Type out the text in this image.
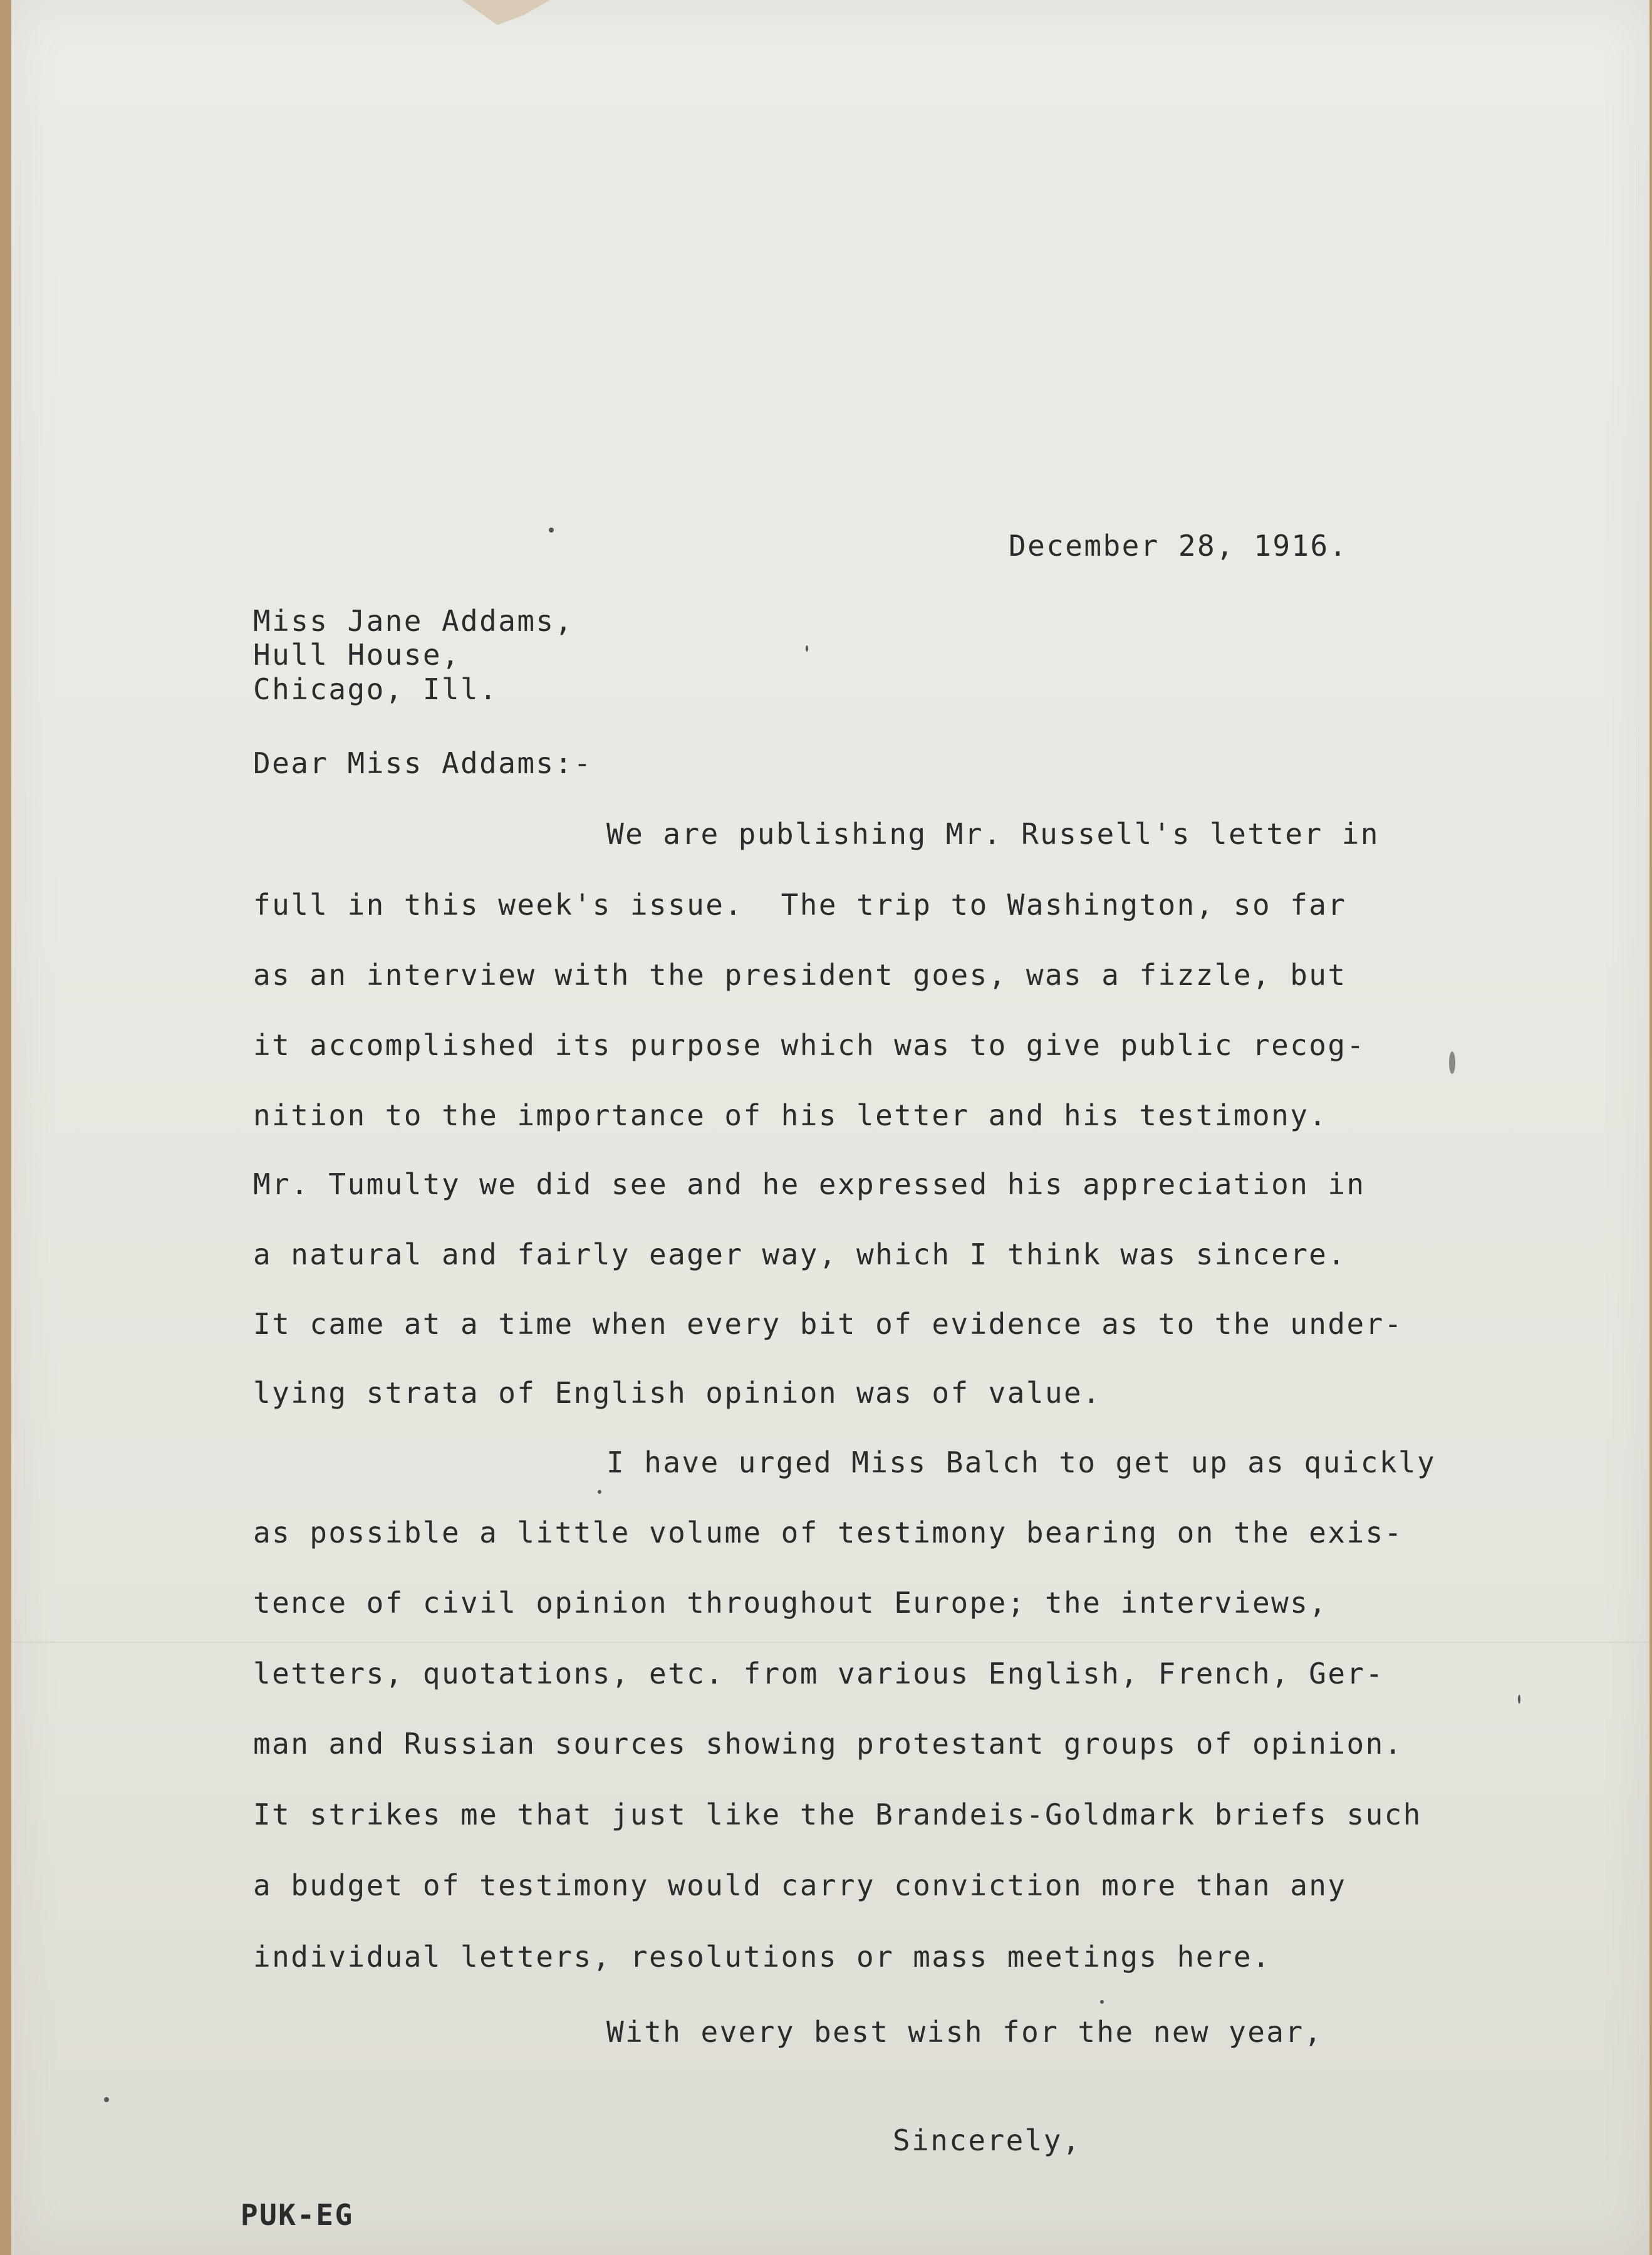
December 28, 1916.
Miss Jane Addams,
Hull House,
Chicago, Ill.
Dear Miss Addams:-
We are publishing Mr. Russell's letter in
full in this week's issue.  The trip to Washington, so far
as an interview with the president goes, was a fizzle, but
it accomplished its purpose which was to give public recog-
nition to the importance of his letter and his testimony.
Mr. Tumulty we did see and he expressed his appreciation in
a natural and fairly eager way, which I think was sincere.
It came at a time when every bit of evidence as to the under-
lying strata of English opinion was of value.
I have urged Miss Balch to get up as quickly
as possible a little volume of testimony bearing on the exis-
tence of civil opinion throughout Europe; the interviews,
letters, quotations, etc. from various English, French, Ger-
man and Russian sources showing protestant groups of opinion.
It strikes me that just like the Brandeis-Goldmark briefs such
a budget of testimony would carry conviction more than any
individual letters, resolutions or mass meetings here.
With every best wish for the new year,
Sincerely,
PUK-EG
